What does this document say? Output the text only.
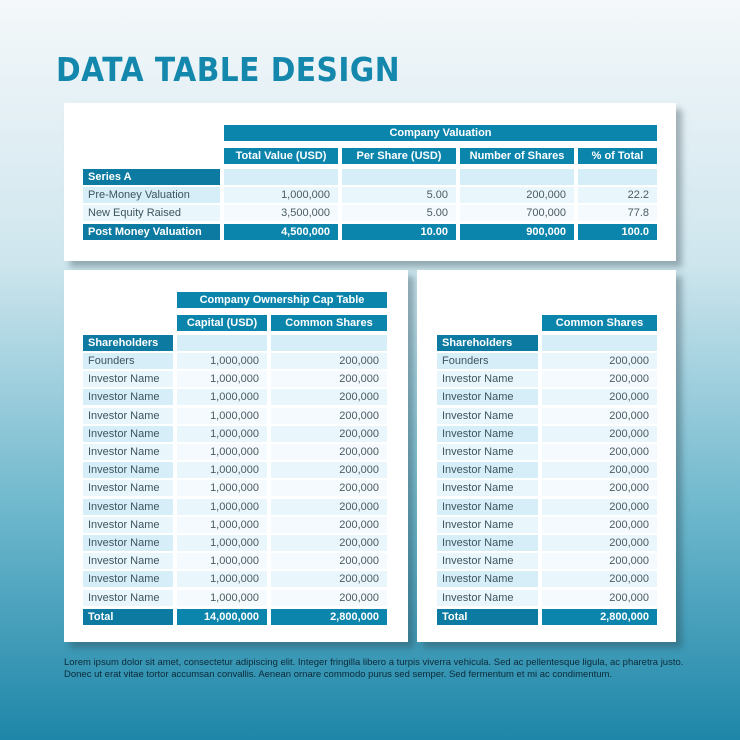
DATA TABLE DESIGN
Company Valuation
Total Value (USD)	Per Share (USD)	Number of Shares	% of Total
Series A
Pre-Money Valuation	1,000,000	5.00	200,000	22.2
New Equity Raised	3,500,000	5.00	700,000	77.8
Post Money Valuation	4,500,000	10.00	900,000	100.0
Company Ownership Cap Table
Capital (USD)	Common Shares
Shareholders
Founders	1,000,000	200,000
Investor Name	1,000,000	200,000
Investor Name	1,000,000	200,000
Investor Name	1,000,000	200,000
Investor Name	1,000,000	200,000
Investor Name	1,000,000	200,000
Investor Name	1,000,000	200,000
Investor Name	1,000,000	200,000
Investor Name	1,000,000	200,000
Investor Name	1,000,000	200,000
Investor Name	1,000,000	200,000
Investor Name	1,000,000	200,000
Investor Name	1,000,000	200,000
Investor Name	1,000,000	200,000
Total	14,000,000	2,800,000
Common Shares
Shareholders
Founders	200,000
Investor Name	200,000
Investor Name	200,000
Investor Name	200,000
Investor Name	200,000
Investor Name	200,000
Investor Name	200,000
Investor Name	200,000
Investor Name	200,000
Investor Name	200,000
Investor Name	200,000
Investor Name	200,000
Investor Name	200,000
Investor Name	200,000
Total	2,800,000
Lorem ipsum dolor sit amet, consectetur adipiscing elit. Integer fringilla libero a turpis viverra vehicula. Sed ac pellentesque ligula, ac pharetra justo. Donec ut erat vitae tortor accumsan convallis. Aenean ornare commodo purus sed semper. Sed fermentum et mi ac condimentum.
